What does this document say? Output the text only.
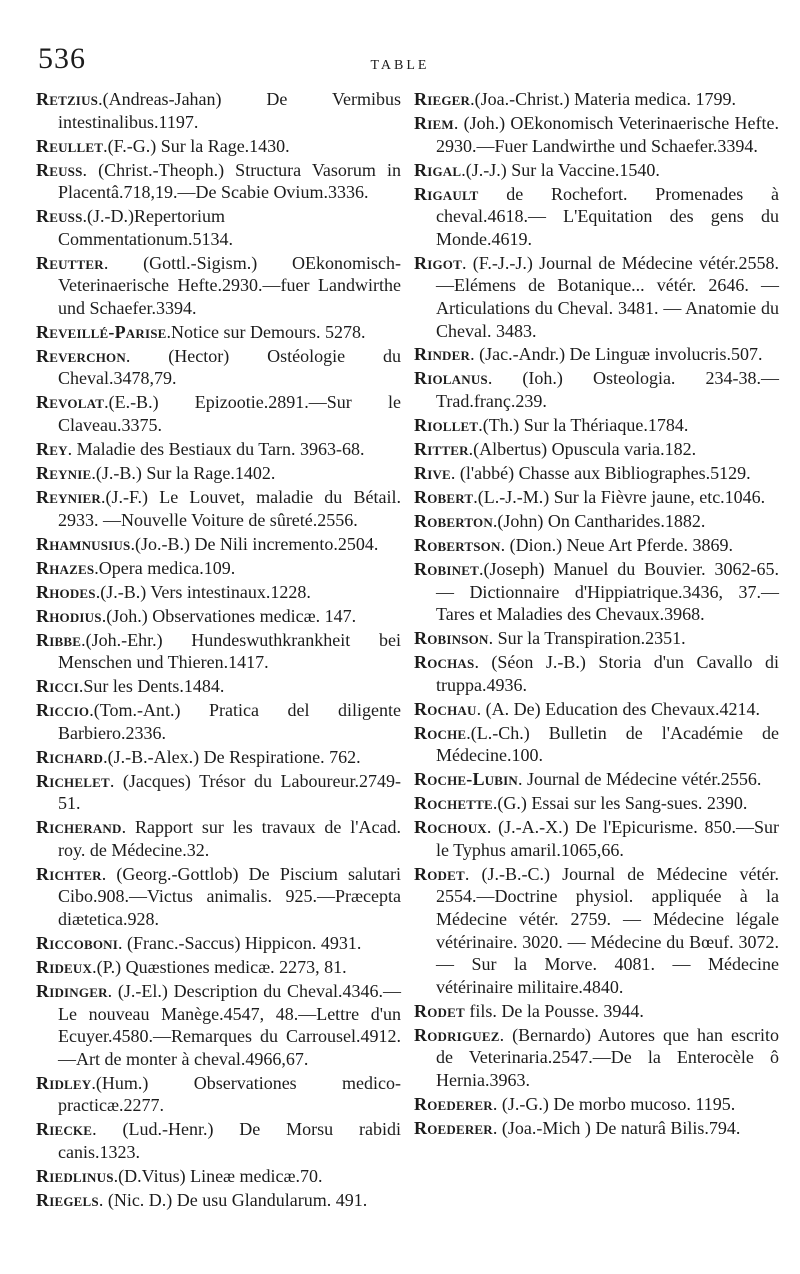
536	TABLE

Retzius.(Andreas-Jahan) De Vermibus intestinalibus.1197.

Reullet.(F.-G.) Sur la Rage.1430.

Reuss. (Christ.-Theoph.) Structura Vasorum in Placentâ.718,19.—De Scabie Ovium.3336.

Reuss.(J.-D.)Repertorium Commentationum.5134.

Reutter. (Gottl.-Sigism.) OEkonomisch-Veterinaerische Hefte.2930.—fuer Landwirthe und Schaefer.3394.

Reveillé-Parise.Notice sur Demours. 5278.

Reverchon. (Hector) Ostéologie du Cheval.3478,79.

Revolat.(E.-B.) Epizootie.2891.—Sur le Claveau.3375.

Rey. Maladie des Bestiaux du Tarn. 3963-68.

Reynie.(J.-B.) Sur la Rage.1402.

Reynier.(J.-F.) Le Louvet, maladie du Bétail. 2933. —Nouvelle Voiture de sûreté.2556.

Rhamnusius.(Jo.-B.) De Nili incremento.2504.

Rhazes.Opera medica.109.

Rhodes.(J.-B.) Vers intestinaux.1228.

Rhodius.(Joh.) Observationes medicæ. 147.

Ribbe.(Joh.-Ehr.) Hundeswuthkrankheit bei Menschen und Thieren.1417.

Ricci.Sur les Dents.1484.

Riccio.(Tom.-Ant.) Pratica del diligente Barbiero.2336.

Richard.(J.-B.-Alex.) De Respiratione. 762.

Richelet. (Jacques) Trésor du Laboureur.2749-51.

Richerand. Rapport sur les travaux de l'Acad. roy. de Médecine.32.

Richter. (Georg.-Gottlob) De Piscium salutari Cibo.908.—Victus animalis. 925.—Præcepta diætetica.928.

Riccoboni. (Franc.-Saccus) Hippicon. 4931.

Rideux.(P.) Quæstiones medicæ. 2273, 81.

Ridinger. (J.-El.) Description du Cheval.4346.—Le nouveau Manège.4547, 48.—Lettre d'un Ecuyer.4580.—Remarques du Carrousel.4912.—Art de monter à cheval.4966,67.

Ridley.(Hum.) Observationes medico-practicæ.2277.

Riecke. (Lud.-Henr.) De Morsu rabidi canis.1323.

Riedlinus.(D.Vitus) Lineæ medicæ.70.

Riegels. (Nic. D.) De usu Glandularum. 491.

Rieger.(Joa.-Christ.) Materia medica. 1799.

Riem. (Joh.) OEkonomisch Veterinaerische Hefte. 2930.—Fuer Landwirthe und Schaefer.3394.

Rigal.(J.-J.) Sur la Vaccine.1540.

Rigault de Rochefort. Promenades à cheval.4618.— L'Equitation des gens du Monde.4619.

Rigot. (F.-J.-J.) Journal de Médecine vétér.2558.—Elémens de Botanique... vétér. 2646. —Articulations du Cheval. 3481. — Anatomie du Cheval. 3483.

Rinder. (Jac.-Andr.) De Linguæ involucris.507.

Riolanus. (Ioh.) Osteologia. 234-38.— Trad.franç.239.

Riollet.(Th.) Sur la Thériaque.1784.

Ritter.(Albertus) Opuscula varia.182.

Rive. (l'abbé) Chasse aux Bibliographes.5129.

Robert.(L.-J.-M.) Sur la Fièvre jaune, etc.1046.

Roberton.(John) On Cantharides.1882.

Robertson. (Dion.) Neue Art Pferde. 3869.

Robinet.(Joseph) Manuel du Bouvier. 3062-65.— Dictionnaire d'Hippiatrique.3436, 37.— Tares et Maladies des Chevaux.3968.

Robinson. Sur la Transpiration.2351.

Rochas. (Séon J.-B.) Storia d'un Cavallo di truppa.4936.

Rochau. (A. De) Education des Chevaux.4214.

Roche.(L.-Ch.) Bulletin de l'Académie de Médecine.100.

Roche-Lubin. Journal de Médecine vétér.2556.

Rochette.(G.) Essai sur les Sang-sues. 2390.

Rochoux. (J.-A.-X.) De l'Epicurisme. 850.—Sur le Typhus amaril.1065,66.

Rodet. (J.-B.-C.) Journal de Médecine vétér. 2554.—Doctrine physiol. appliquée à la Médecine vétér. 2759. — Médecine légale vétérinaire. 3020. — Médecine du Bœuf. 3072.— Sur la Morve. 4081. — Médecine vétérinaire militaire.4840.

Rodet fils. De la Pousse. 3944.

Rodriguez. (Bernardo) Autores que han escrito de Veterinaria.2547.—De la Enterocèle ô Hernia.3963.

Roederer. (J.-G.) De morbo mucoso. 1195.

Roederer. (Joa.-Mich ) De naturâ Bilis.794.
